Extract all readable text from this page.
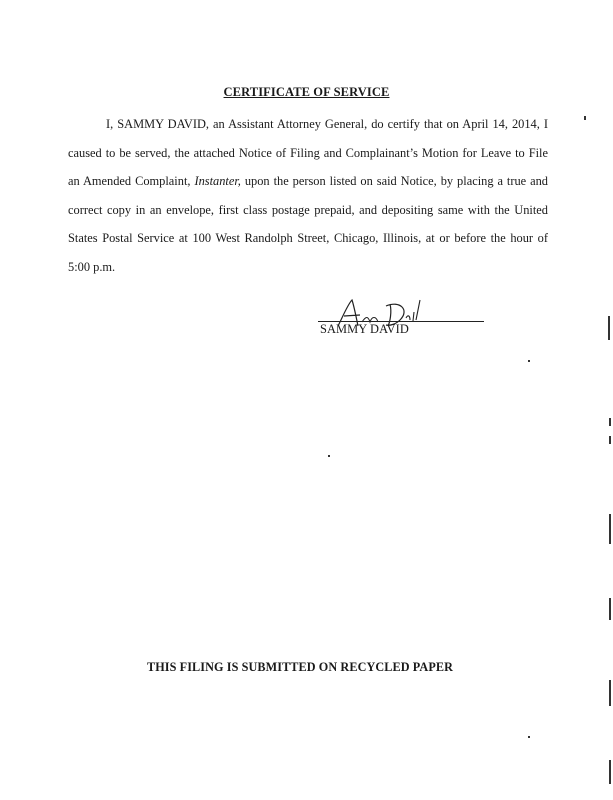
CERTIFICATE OF SERVICE
I, SAMMY DAVID, an Assistant Attorney General, do certify that on April 14, 2014, I caused to be served, the attached Notice of Filing and Complainant’s Motion for Leave to File an Amended Complaint, Instanter, upon the person listed on said Notice, by placing a true and correct copy in an envelope, first class postage prepaid, and depositing same with the United States Postal Service at 100 West Randolph Street, Chicago, Illinois, at or before the hour of 5:00 p.m.
SAMMY DAVID
THIS FILING IS SUBMITTED ON RECYCLED PAPER
